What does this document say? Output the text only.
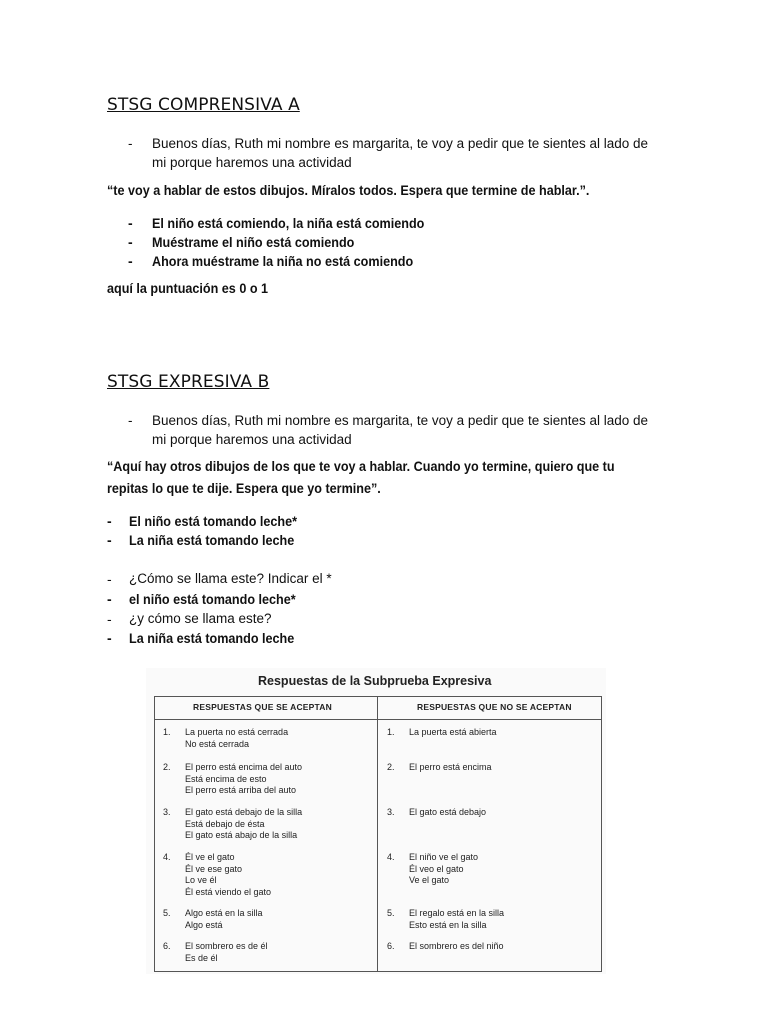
STSG COMPRENSIVA A
- Buenos días, Ruth mi nombre es margarita, te voy a pedir que te sientes al lado de
mi porque haremos una actividad
“te voy a hablar de estos dibujos. Míralos todos. Espera que termine de hablar.”.
- El niño está comiendo, la niña está comiendo
- Muéstrame el niño está comiendo
- Ahora muéstrame la niña no está comiendo
aquí la puntuación es 0 o 1
STSG EXPRESIVA B
- Buenos días, Ruth mi nombre es margarita, te voy a pedir que te sientes al lado de
mi porque haremos una actividad
“Aquí hay otros dibujos de los que te voy a hablar. Cuando yo termine, quiero que tu
repitas lo que te dije. Espera que yo termine”.
- El niño está tomando leche*
- La niña está tomando leche
- ¿Cómo se llama este? Indicar el *
- el niño está tomando leche*
- ¿y cómo se llama este?
- La niña está tomando leche
Respuestas de la Subprueba Expresiva
RESPUESTAS QUE SE ACEPTAN	RESPUESTAS QUE NO SE ACEPTAN
1. La puerta no está cerrada
No está cerrada
2. El perro está encima del auto
Está encima de esto
El perro está arriba del auto
3. El gato está debajo de la silla
Está debajo de ésta
El gato está abajo de la silla
4. Él ve el gato
Él ve ese gato
Lo ve él
Él está viendo el gato
5. Algo está en la silla
Algo está
6. El sombrero es de él
Es de él
1. La puerta está abierta
2. El perro está encima
3. El gato está debajo
4. El niño ve el gato
Él veo el gato
Ve el gato
5. El regalo está en la silla
Esto está en la silla
6. El sombrero es del niño
